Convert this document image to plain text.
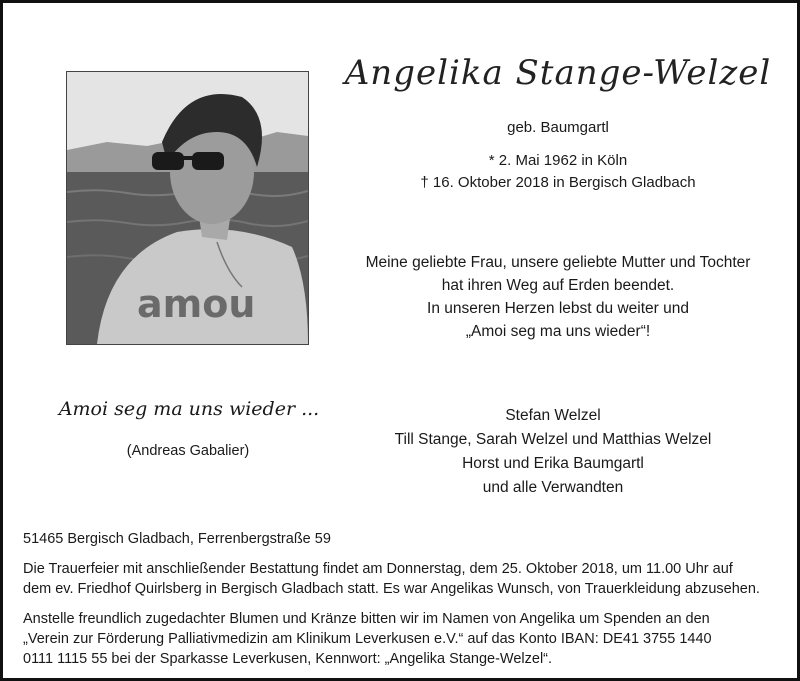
amou
Angelika Stange-Welzel
geb. Baumgartl
* 2. Mai 1962 in Köln
† 16. Oktober 2018 in Bergisch Gladbach
Meine geliebte Frau, unsere geliebte Mutter und Tochter
hat ihren Weg auf Erden beendet.
In unseren Herzen lebst du weiter und
„Amoi seg ma uns wieder“!
Amoi seg ma uns wieder ...
(Andreas Gabalier)
Stefan Welzel
Till Stange, Sarah Welzel und Matthias Welzel
Horst und Erika Baumgartl
und alle Verwandten
51465 Bergisch Gladbach, Ferrenbergstraße 59
Die Trauerfeier mit anschließender Bestattung findet am Donnerstag, dem 25. Oktober 2018, um 11.00 Uhr auf
dem ev. Friedhof Quirlsberg in Bergisch Gladbach statt. Es war Angelikas Wunsch, von Trauerkleidung abzusehen.
Anstelle freundlich zugedachter Blumen und Kränze bitten wir im Namen von Angelika um Spenden an den
„Verein zur Förderung Palliativmedizin am Klinikum Leverkusen e.V.“ auf das Konto IBAN: DE41 3755 1440
0111 1115 55 bei der Sparkasse Leverkusen, Kennwort: „Angelika Stange-Welzel“.
